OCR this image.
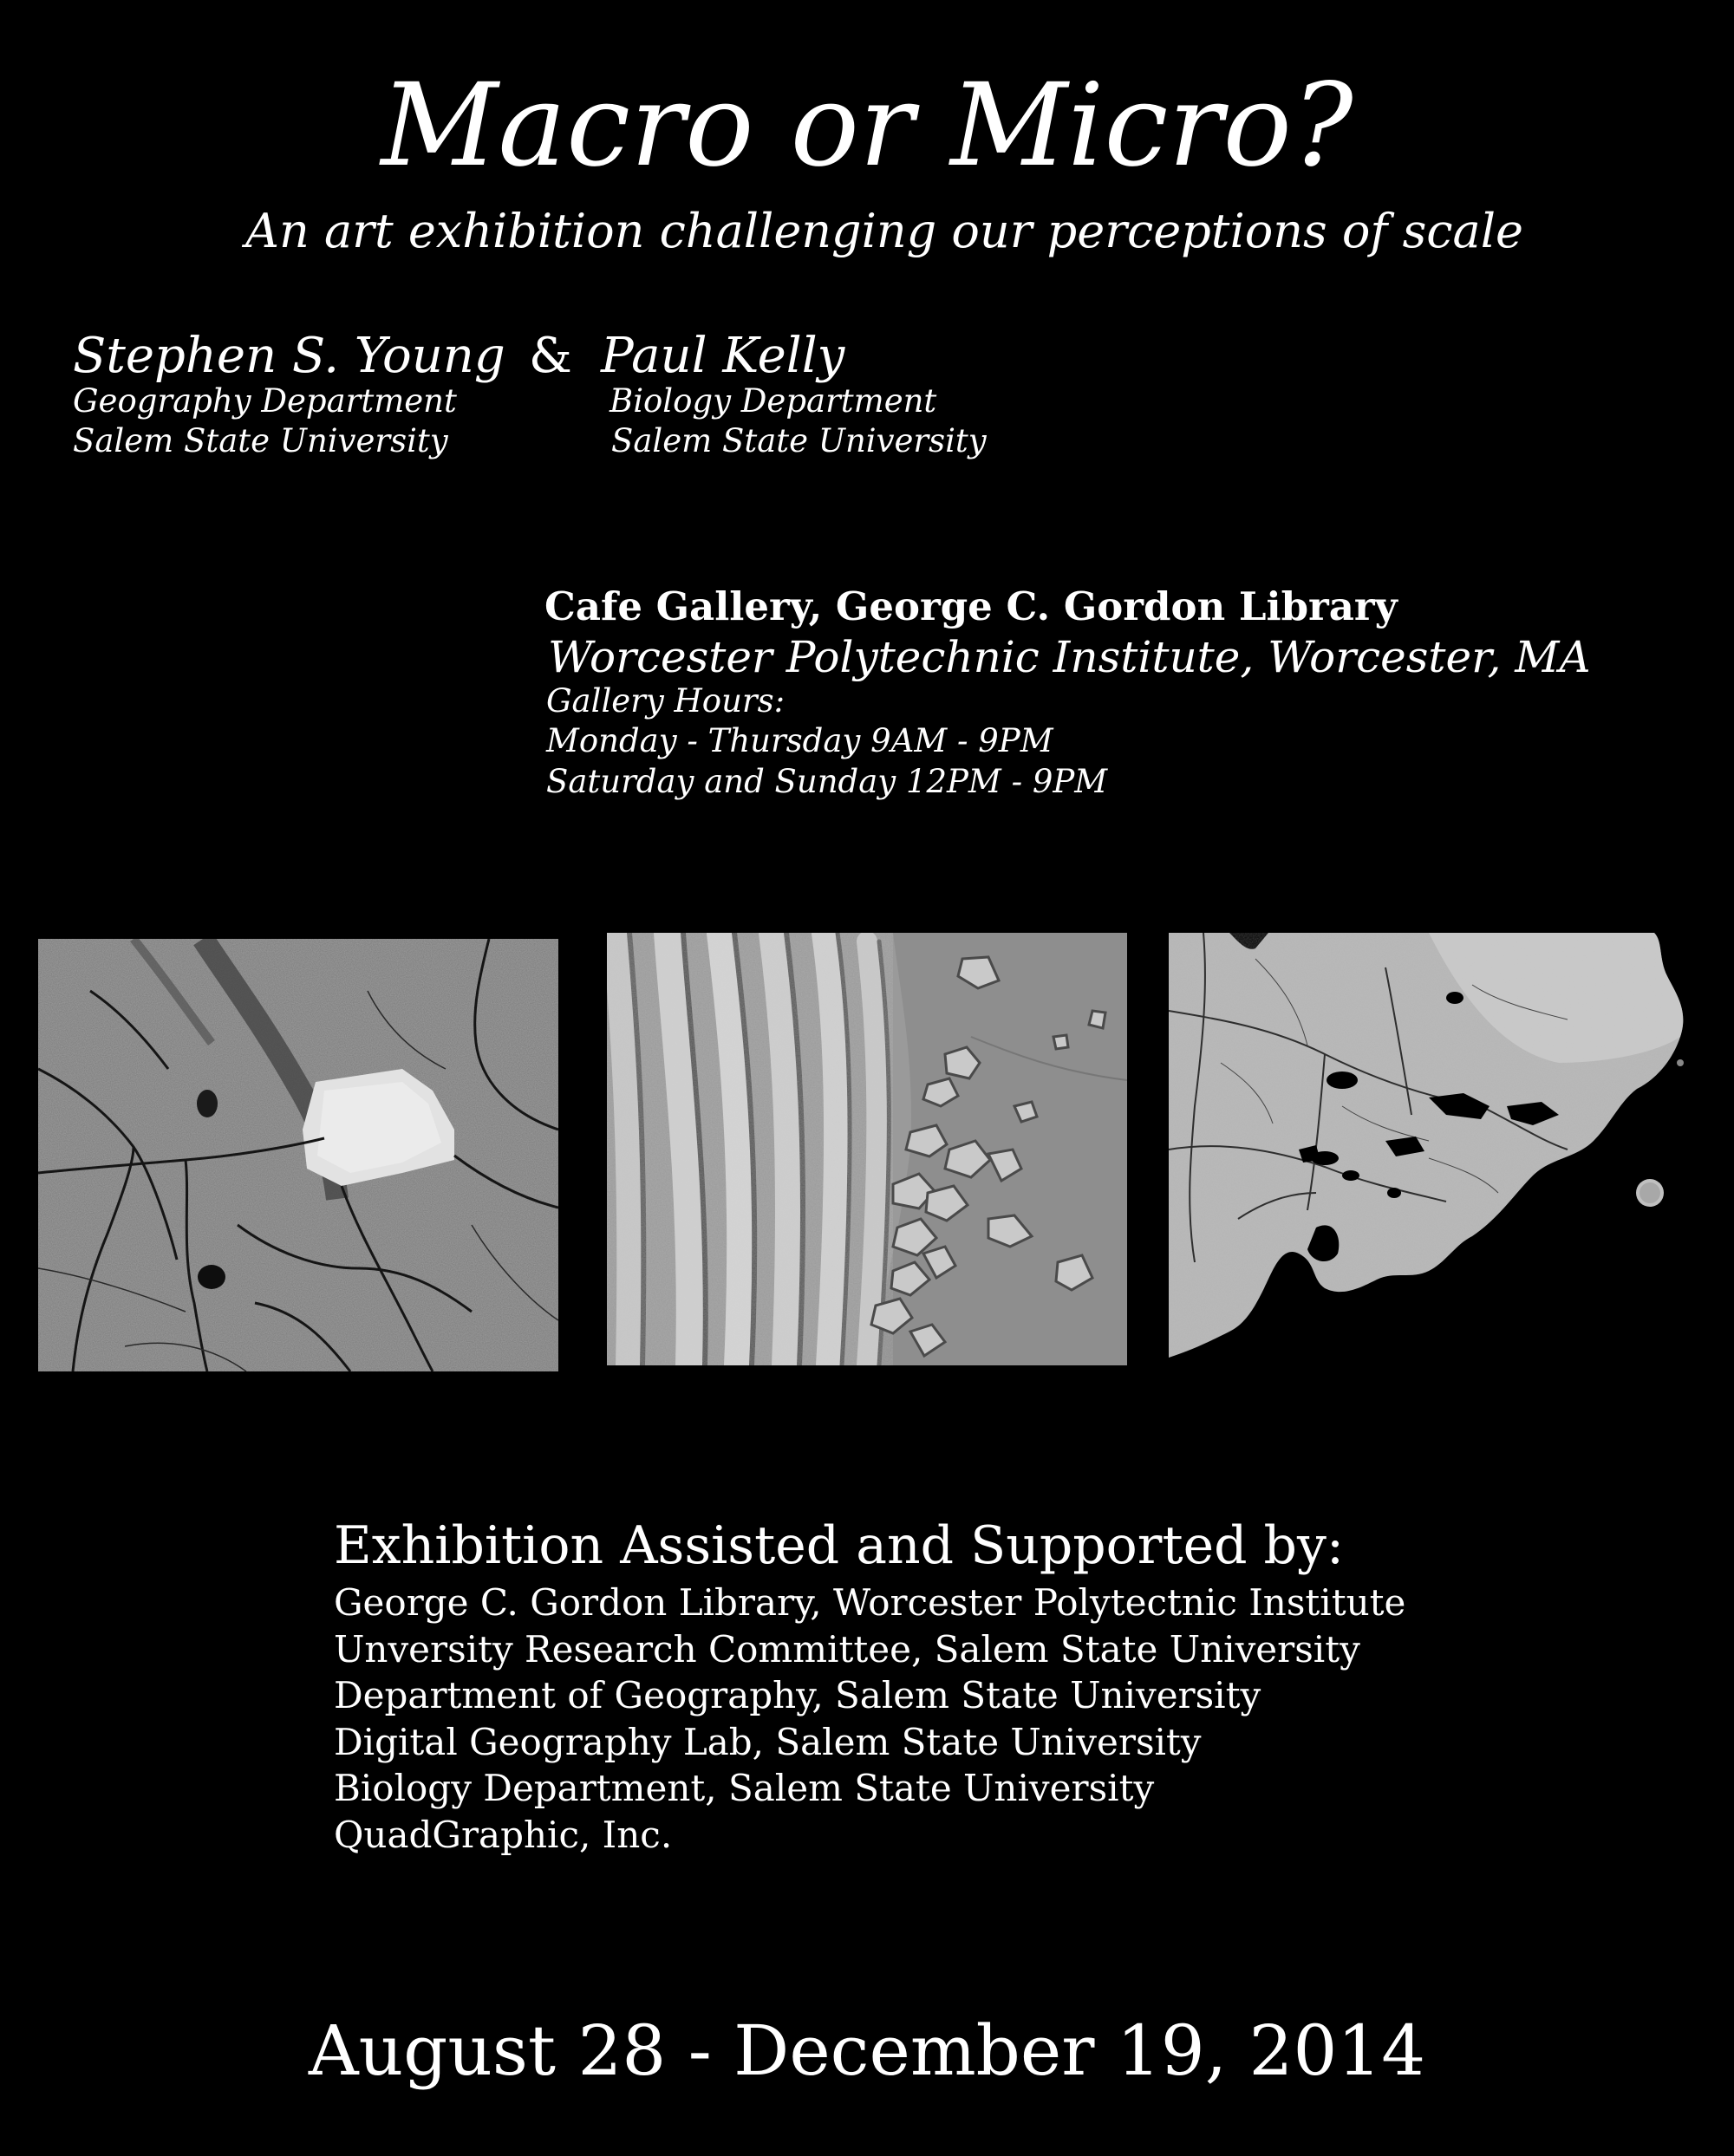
Macro or Micro?
An art exhibition challenging our perceptions of scale
Stephen S. Young & Paul Kelly
Geography Department
Salem State University
Biology Department
Salem State University
Cafe Gallery, George C. Gordon Library
Worcester Polytechnic Institute, Worcester, MA
Gallery Hours:
Monday - Thursday 9AM - 9PM
Saturday and Sunday 12PM - 9PM
Exhibition Assisted and Supported by:
George C. Gordon Library, Worcester Polytectnic Institute
Unversity Research Committee, Salem State University
Department of Geography, Salem State University
Digital Geography Lab, Salem State University
Biology Department, Salem State University
QuadGraphic, Inc.
August 28 - December 19, 2014
